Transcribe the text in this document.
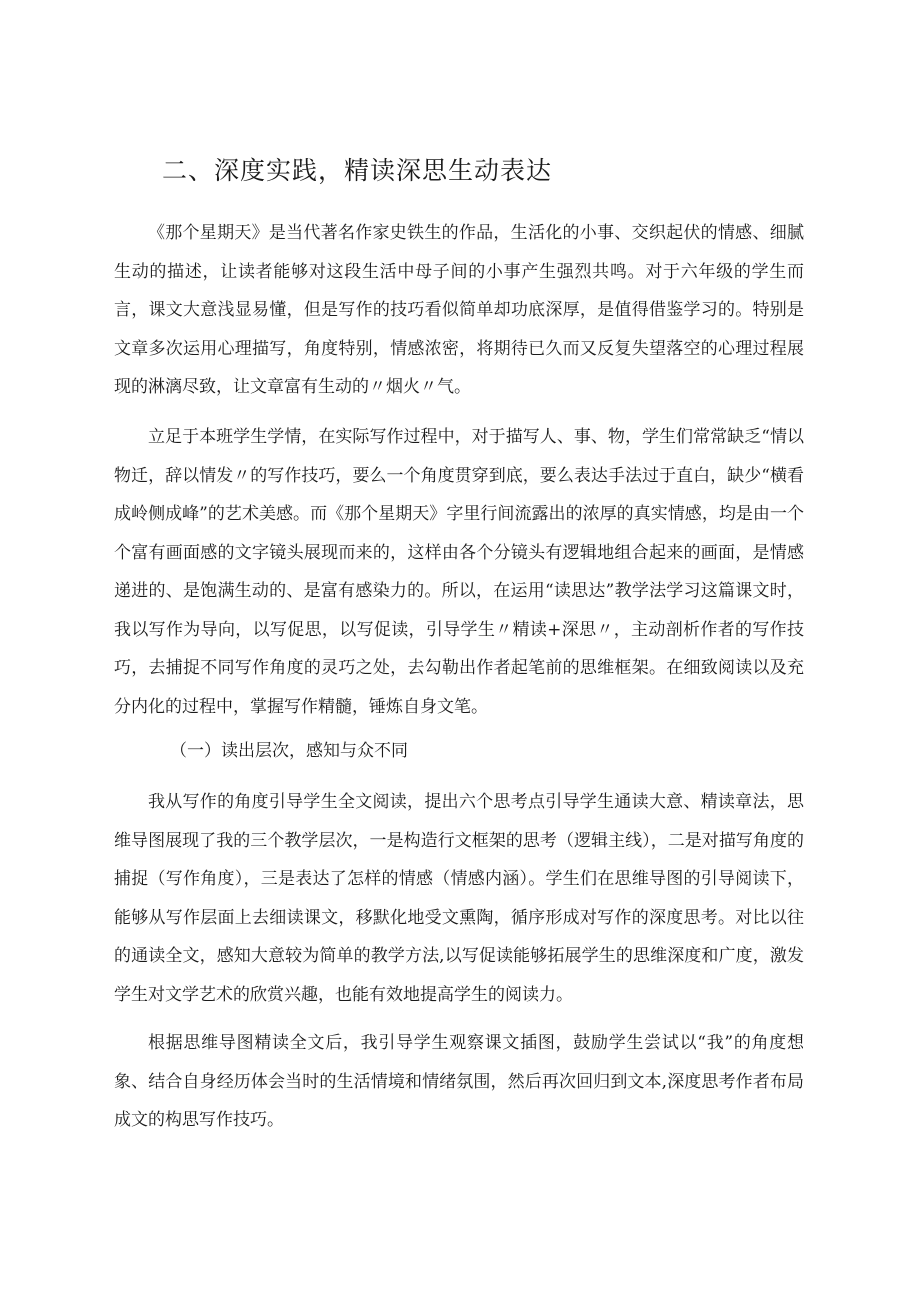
二、深度实践，精读深思生动表达

《那个星期天》是当代著名作家史铁生的作品，生活化的小事、交织起伏的情感、细腻生动的描述，让读者能够对这段生活中母子间的小事产生强烈共鸣。对于六年级的学生而言，课文大意浅显易懂，但是写作的技巧看似简单却功底深厚，是值得借鉴学习的。特别是文章多次运用心理描写，角度特别，情感浓密，将期待已久而又反复失望落空的心理过程展现的淋漓尽致，让文章富有生动的〃烟火〃气。

立足于本班学生学情，在实际写作过程中，对于描写人、事、物，学生们常常缺乏“情以物迁，辞以情发〃的写作技巧，要么一个角度贯穿到底，要么表达手法过于直白，缺少“横看成岭侧成峰”的艺术美感。而《那个星期天》字里行间流露出的浓厚的真实情感，均是由一个个富有画面感的文字镜头展现而来的，这样由各个分镜头有逻辑地组合起来的画面，是情感递进的、是饱满生动的、是富有感染力的。所以，在运用“读思达”教学法学习这篇课文时，我以写作为导向，以写促思，以写促读，引导学生〃精读+深思〃，主动剖析作者的写作技巧，去捕捉不同写作角度的灵巧之处，去勾勒出作者起笔前的思维框架。在细致阅读以及充分内化的过程中，掌握写作精髓，锤炼自身文笔。

（一）读出层次，感知与众不同

我从写作的角度引导学生全文阅读，提出六个思考点引导学生通读大意、精读章法，思维导图展现了我的三个教学层次，一是构造行文框架的思考（逻辑主线），二是对描写角度的捕捉（写作角度），三是表达了怎样的情感（情感内涵）。学生们在思维导图的引导阅读下，能够从写作层面上去细读课文，移默化地受文熏陶，循序形成对写作的深度思考。对比以往的通读全文，感知大意较为简单的教学方法,以写促读能够拓展学生的思维深度和广度，激发学生对文学艺术的欣赏兴趣，也能有效地提高学生的阅读力。

根据思维导图精读全文后，我引导学生观察课文插图，鼓励学生尝试以“我”的角度想象、结合自身经历体会当时的生活情境和情绪氛围，然后再次回归到文本,深度思考作者布局成文的构思写作技巧。
